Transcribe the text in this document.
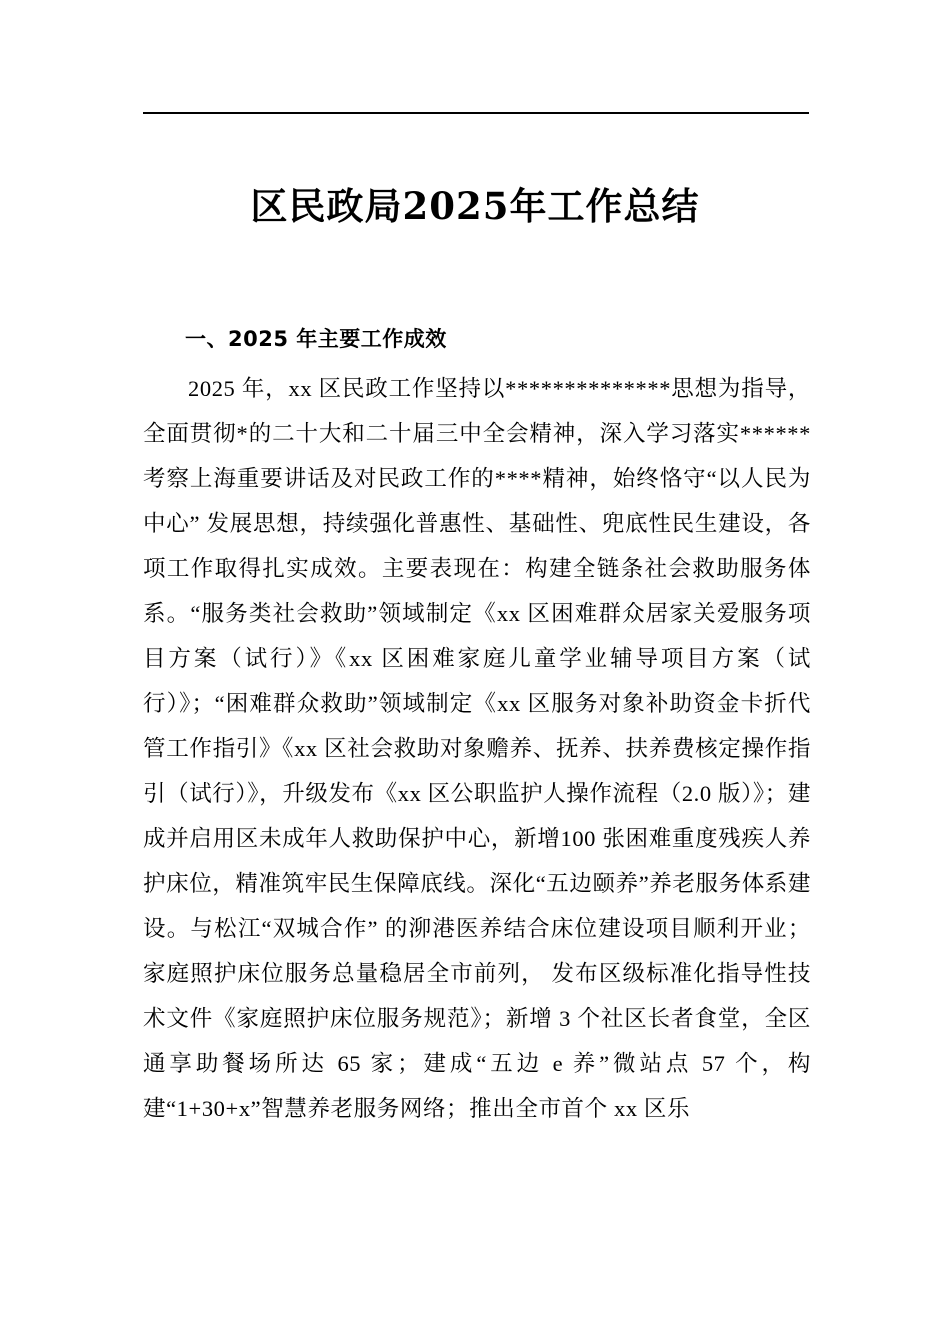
区民政局2025年工作总结
一、2025 年主要工作成效

2025 年，xx 区民政工作坚持以**************思想为指导，全面贯彻*的二十大和二十届三中全会精神，深入学习落实******考察上海重要讲话及对民政工作的****精神，始终恪守“以人民为中心” 发展思想，持续强化普惠性、基础性、兜底性民生建设，各项工作取得扎实成效。主要表现在：构建全链条社会救助服务体系。“服务类社会救助”领域制定《xx 区困难群众居家关爱服务项目方案（试行）》《xx 区困难家庭儿童学业辅导项目方案（试行）》；“困难群众救助”领域制定《xx 区服务对象补助资金卡折代管工作指引》《xx 区社会救助对象赡养、抚养、扶养费核定操作指引（试行）》，升级发布《xx 区公职监护人操作流程（2.0 版）》；建成并启用区未成年人救助保护中心，新增100 张困难重度残疾人养护床位，精准筑牢民生保障底线。深化“五边颐养”养老服务体系建设。与松江“双城合作” 的泖港医养结合床位建设项目顺利开业；家庭照护床位服务总量稳居全市前列， 发布区级标准化指导性技术文件《家庭照护床位服务规范》；新增 3 个社区长者食堂，全区通享助餐场所达 65 家；建成“五边 e 养”微站点 57 个，构建“1+30+x”智慧养老服务网络；推出全市首个 xx 区乐
